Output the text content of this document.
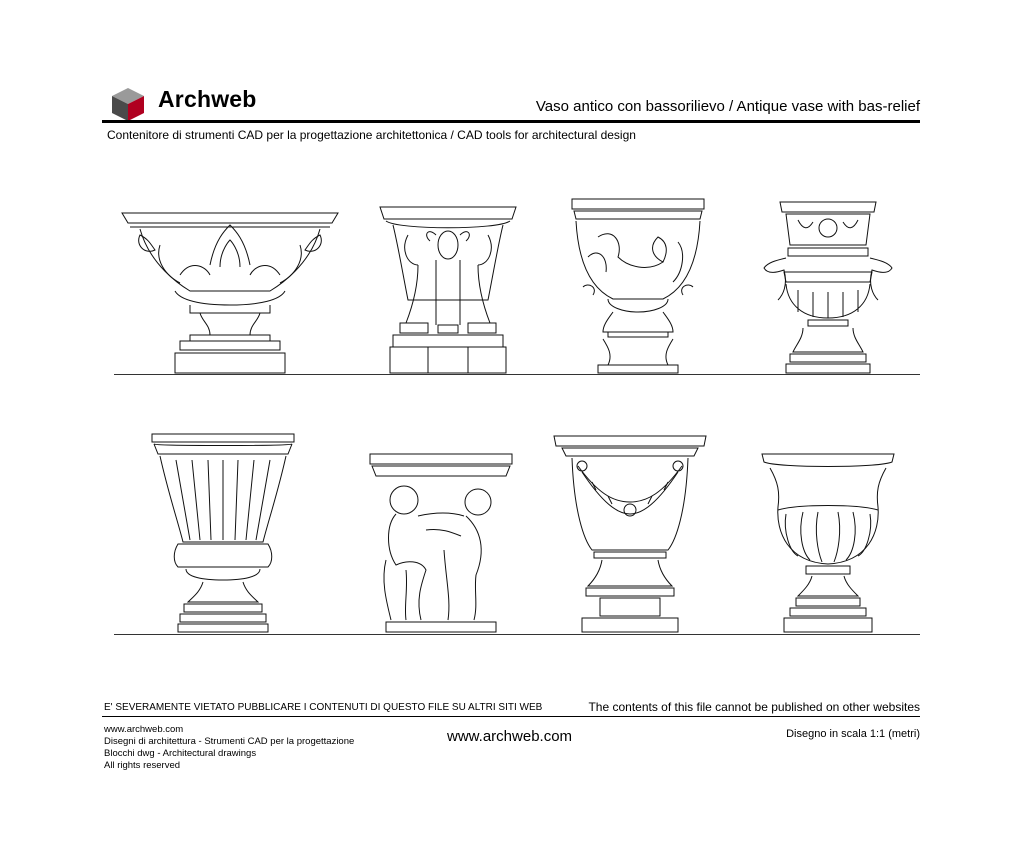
Archweb	Vaso antico con bassorilievo / Antique vase with bas-relief
Contenitore di strumenti CAD per la progettazione architettonica / CAD tools for architectural design
E' SEVERAMENTE VIETATO PUBBLICARE I CONTENUTI DI QUESTO FILE SU ALTRI SITI WEB	The contents of this file cannot be published on other websites
www.archweb.com
Disegni di architettura - Strumenti CAD per la progettazione
Blocchi dwg - Architectural drawings
All rights reserved
www.archweb.com	Disegno in scala 1:1 (metri)
